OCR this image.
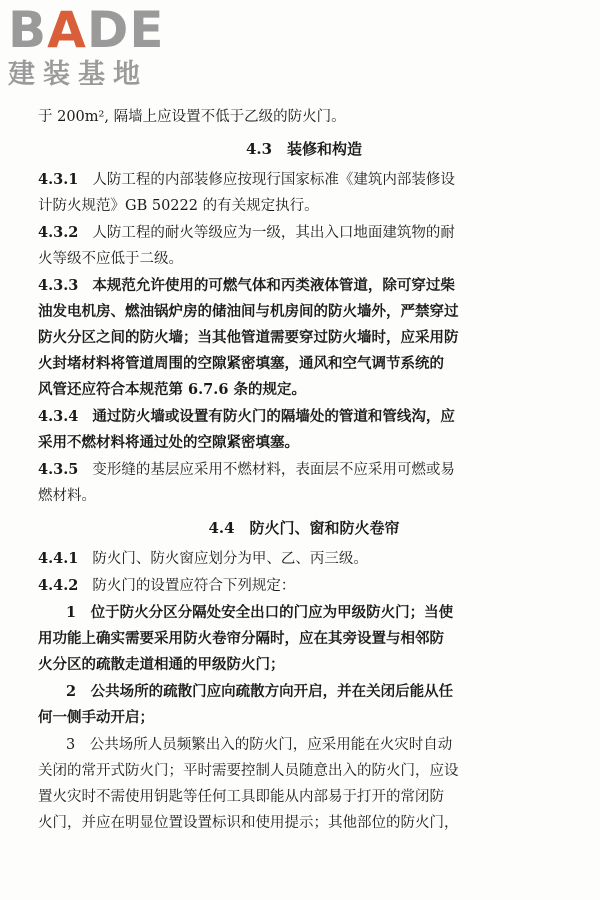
BADE
建装基地
于 200m², 隔墙上应设置不低于乙级的防火门。
4.3　装修和构造
4.3.1 人防工程的内部装修应按现行国家标准《建筑内部装修设
计防火规范》GB 50222 的有关规定执行。
4.3.2 人防工程的耐火等级应为一级，其出入口地面建筑物的耐
火等级不应低于二级。
4.3.3 本规范允许使用的可燃气体和丙类液体管道，除可穿过柴
油发电机房、燃油锅炉房的储油间与机房间的防火墙外，严禁穿过
防火分区之间的防火墙；当其他管道需要穿过防火墙时，应采用防
火封堵材料将管道周围的空隙紧密填塞，通风和空气调节系统的
风管还应符合本规范第 6.7.6 条的规定。
4.3.4 通过防火墙或设置有防火门的隔墙处的管道和管线沟，应
采用不燃材料将通过处的空隙紧密填塞。
4.3.5 变形缝的基层应采用不燃材料，表面层不应采用可燃或易
燃材料。
4.4　防火门、窗和防火卷帘
4.4.1 防火门、防火窗应划分为甲、乙、丙三级。
4.4.2 防火门的设置应符合下列规定：
1　位于防火分区分隔处安全出口的门应为甲级防火门；当使
用功能上确实需要采用防火卷帘分隔时，应在其旁设置与相邻防
火分区的疏散走道相通的甲级防火门；
2　公共场所的疏散门应向疏散方向开启，并在关闭后能从任
何一侧手动开启；
3　公共场所人员频繁出入的防火门，应采用能在火灾时自动
关闭的常开式防火门；平时需要控制人员随意出入的防火门，应设
置火灾时不需使用钥匙等任何工具即能从内部易于打开的常闭防
火门，并应在明显位置设置标识和使用提示；其他部位的防火门，
